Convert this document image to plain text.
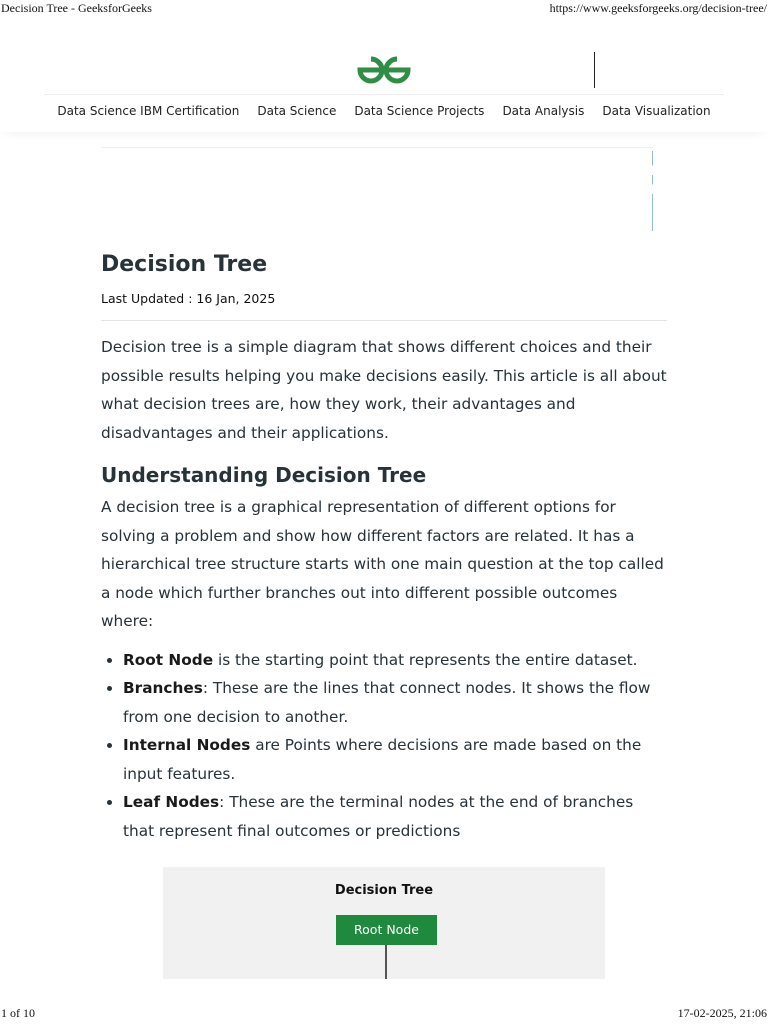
Decision Tree - GeeksforGeeks	https://www.geeksforgeeks.org/decision-tree/
Data Science IBM Certification	Data Science	Data Science Projects	Data Analysis	Data Visualization
Decision Tree
Last Updated : 16 Jan, 2025

Decision tree is a simple diagram that shows different choices and their possible results helping you make decisions easily. This article is all about what decision trees are, how they work, their advantages and disadvantages and their applications.

Understanding Decision Tree

A decision tree is a graphical representation of different options for solving a problem and show how different factors are related. It has a hierarchical tree structure starts with one main question at the top called a node which further branches out into different possible outcomes where:

• Root Node is the starting point that represents the entire dataset.
• Branches: These are the lines that connect nodes. It shows the flow from one decision to another.
• Internal Nodes are Points where decisions are made based on the input features.
• Leaf Nodes: These are the terminal nodes at the end of branches that represent final outcomes or predictions
Decision Tree
Root Node
1 of 10	17-02-2025, 21:06
